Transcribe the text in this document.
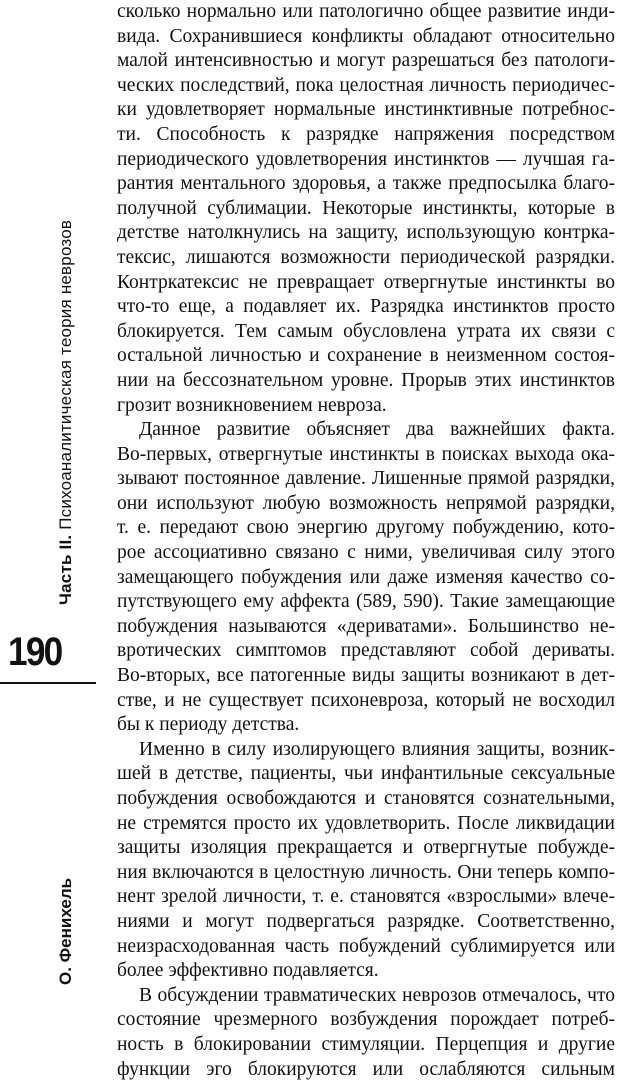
Часть II. Психоаналитическая теория неврозов
190
О. Фенихель
сколько нормально или патологично общее развитие инди-
вида. Сохранившиеся конфликты обладают относительно
малой интенсивностью и могут разрешаться без патологи-
ческих последствий, пока целостная личность периодичес-
ки удовлетворяет нормальные инстинктивные потребнос-
ти. Способность к разрядке напряжения посредством
периодического удовлетворения инстинктов — лучшая га-
рантия ментального здоровья, а также предпосылка благо-
получной сублимации. Некоторые инстинкты, которые в
детстве натолкнулись на защиту, использующую контрка-
тексис, лишаются возможности периодической разрядки.
Контркатексис не превращает отвергнутые инстинкты во
что-то еще, а подавляет их. Разрядка инстинктов просто
блокируется. Тем самым обусловлена утрата их связи с
остальной личностью и сохранение в неизменном состоя-
нии на бессознательном уровне. Прорыв этих инстинктов
грозит возникновением невроза.
Данное развитие объясняет два важнейших факта.
Во-первых, отвергнутые инстинкты в поисках выхода ока-
зывают постоянное давление. Лишенные прямой разрядки,
они используют любую возможность непрямой разрядки,
т. е. передают свою энергию другому побуждению, кото-
рое ассоциативно связано с ними, увеличивая силу этого
замещающего побуждения или даже изменяя качество со-
путствующего ему аффекта (589, 590). Такие замещающие
побуждения называются «дериватами». Большинство не-
вротических симптомов представляют собой дериваты.
Во-вторых, все патогенные виды защиты возникают в дет-
стве, и не существует психоневроза, который не восходил
бы к периоду детства.
Именно в силу изолирующего влияния защиты, возник-
шей в детстве, пациенты, чьи инфантильные сексуальные
побуждения освобождаются и становятся сознательными,
не стремятся просто их удовлетворить. После ликвидации
защиты изоляция прекращается и отвергнутые побужде-
ния включаются в целостную личность. Они теперь компо-
нент зрелой личности, т. е. становятся «взрослыми» влече-
ниями и могут подвергаться разрядке. Соответственно,
неизрасходованная часть побуждений сублимируется или
более эффективно подавляется.
В обсуждении травматических неврозов отмечалось, что
состояние чрезмерного возбуждения порождает потреб-
ность в блокировании стимуляции. Перцепция и другие
функции эго блокируются или ослабляются сильным
